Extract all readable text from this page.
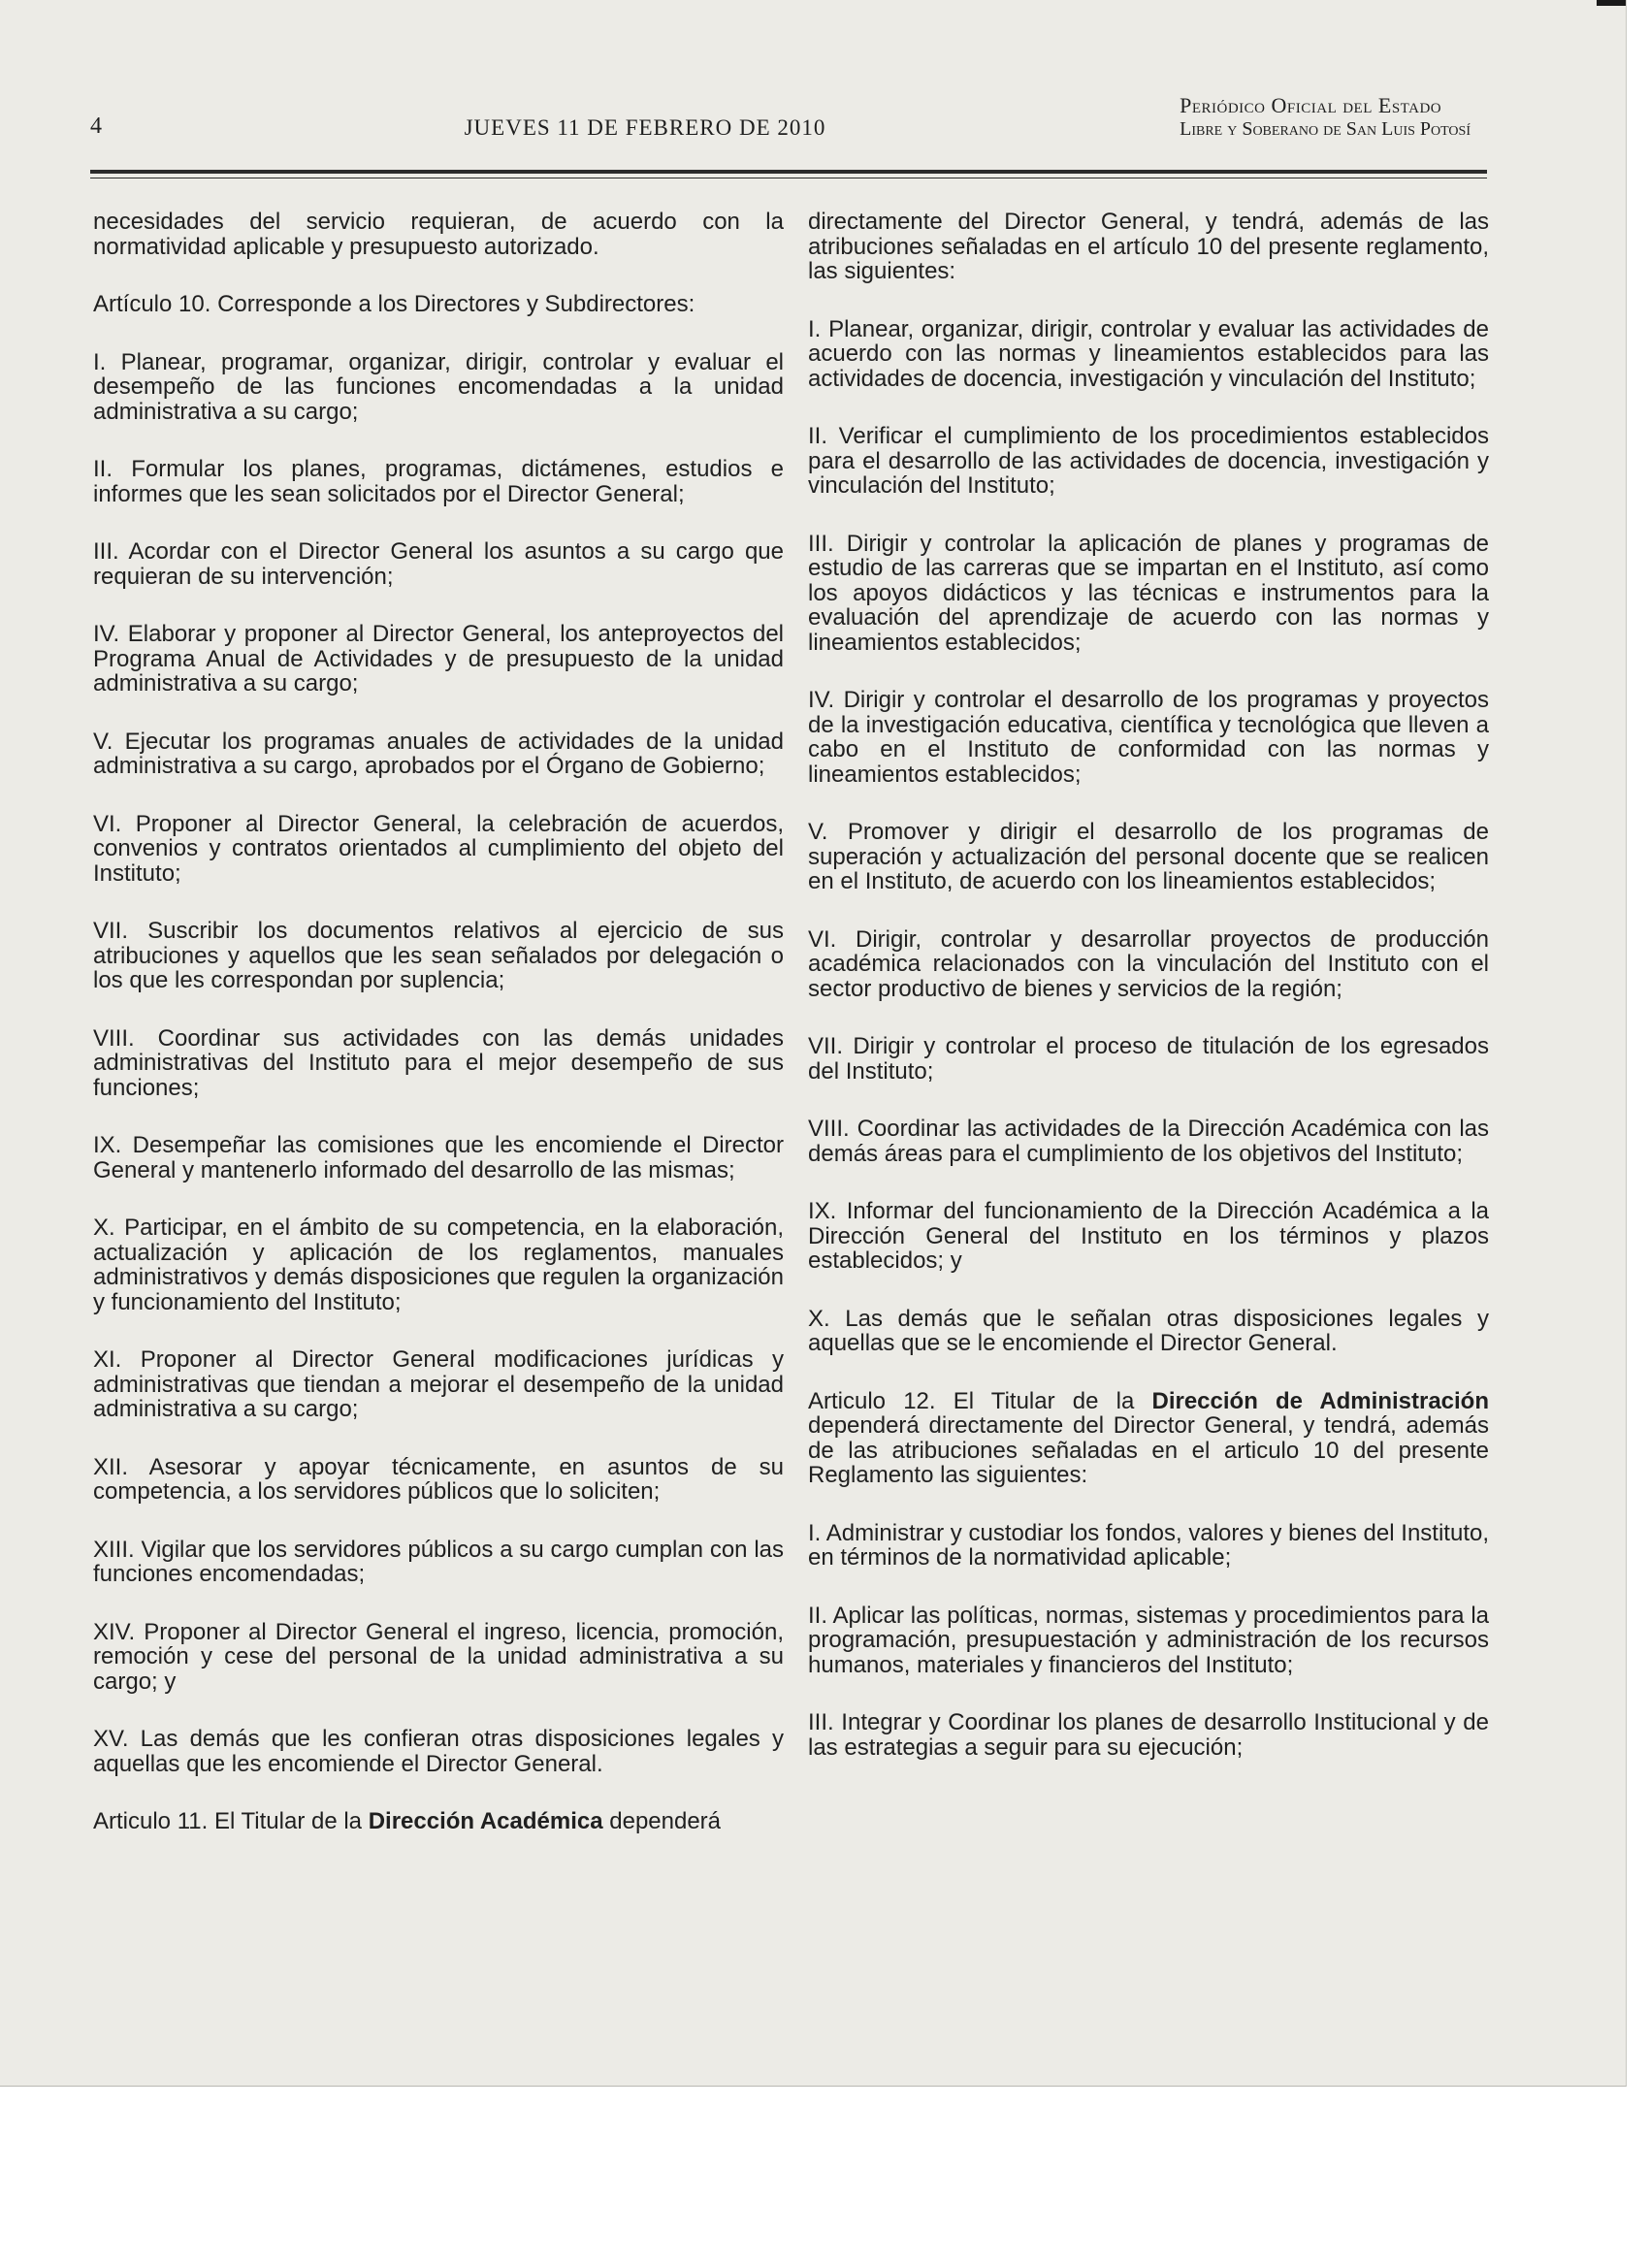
4	JUEVES 11 DE FEBRERO DE 2010
Periódico Oficial del Estado
Libre y Soberano de San Luis Potosí

necesidades del servicio requieran, de acuerdo con la normatividad aplicable y presupuesto autorizado.

Artículo 10. Corresponde a los Directores y Subdirectores:

I. Planear, programar, organizar, dirigir, controlar y evaluar el desempeño de las funciones encomendadas a la unidad administrativa a su cargo;

II. Formular los planes, programas, dictámenes, estudios e informes que les sean solicitados por el Director General;

III. Acordar con el Director General los asuntos a su cargo que requieran de su intervención;

IV. Elaborar y proponer al Director General, los anteproyectos del Programa Anual de Actividades y de presupuesto de la unidad administrativa a su cargo;

V. Ejecutar los programas anuales de actividades de la unidad administrativa a su cargo, aprobados por el Órgano de Gobierno;

VI. Proponer al Director General, la celebración de acuerdos, convenios y contratos orientados al cumplimiento del objeto del Instituto;

VII. Suscribir los documentos relativos al ejercicio de sus atribuciones y aquellos que les sean señalados por delegación o los que les correspondan por suplencia;

VIII. Coordinar sus actividades con las demás unidades administrativas del Instituto para el mejor desempeño de sus funciones;

IX. Desempeñar las comisiones que les encomiende el Director General y mantenerlo informado del desarrollo de las mismas;

X. Participar, en el ámbito de su competencia, en la elaboración, actualización y aplicación de los reglamentos, manuales administrativos y demás disposiciones que regulen la organización y funcionamiento del Instituto;

XI. Proponer al Director General modificaciones jurídicas y administrativas que tiendan a mejorar el desempeño de la unidad administrativa a su cargo;

XII. Asesorar y apoyar técnicamente, en asuntos de su competencia, a los servidores públicos que lo soliciten;

XIII. Vigilar que los servidores públicos a su cargo cumplan con las funciones encomendadas;

XIV. Proponer al Director General el ingreso, licencia, promoción, remoción y cese del personal de la unidad administrativa a su cargo; y

XV. Las demás que les confieran otras disposiciones legales y aquellas que les encomiende el Director General.

Articulo 11. El Titular de la Dirección Académica dependerá

directamente del Director General, y tendrá, además de las atribuciones señaladas en el artículo 10 del presente reglamento, las siguientes:

I. Planear, organizar, dirigir, controlar y evaluar las actividades de acuerdo con las normas y lineamientos establecidos para las actividades de docencia, investigación y vinculación del Instituto;

II. Verificar el cumplimiento de los procedimientos establecidos para el desarrollo de las actividades de docencia, investigación y vinculación del Instituto;

III. Dirigir y controlar la aplicación de planes y programas de estudio de las carreras que se impartan en el Instituto, así como los apoyos didácticos y las técnicas e instrumentos para la evaluación del aprendizaje de acuerdo con las normas y lineamientos establecidos;

IV. Dirigir y controlar el desarrollo de los programas y proyectos de la investigación educativa, científica y tecnológica que lleven a cabo en el Instituto de conformidad con las normas y lineamientos establecidos;

V. Promover y dirigir el desarrollo de los programas de superación y actualización del personal docente que se realicen en el Instituto, de acuerdo con los lineamientos establecidos;

VI. Dirigir, controlar y desarrollar proyectos de producción académica relacionados con la vinculación del Instituto con el sector productivo de bienes y servicios de la región;

VII. Dirigir y controlar el proceso de titulación de los egresados del Instituto;

VIII. Coordinar las actividades de la Dirección Académica con las demás áreas para el cumplimiento de los objetivos del Instituto;

IX. Informar del funcionamiento de la Dirección Académica a la Dirección General del Instituto en los términos y plazos establecidos; y

X. Las demás que le señalan otras disposiciones legales y aquellas que se le encomiende el Director General.

Articulo 12. El Titular de la Dirección de Administración dependerá directamente del Director General, y tendrá, además de las atribuciones señaladas en el articulo 10 del presente Reglamento las siguientes:

I. Administrar y custodiar los fondos, valores y bienes del Instituto, en términos de la normatividad aplicable;

II. Aplicar las políticas, normas, sistemas y procedimientos para la programación, presupuestación y administración de los recursos humanos, materiales y financieros del Instituto;

III. Integrar y Coordinar los planes de desarrollo Institucional y de las estrategias a seguir para su ejecución;
